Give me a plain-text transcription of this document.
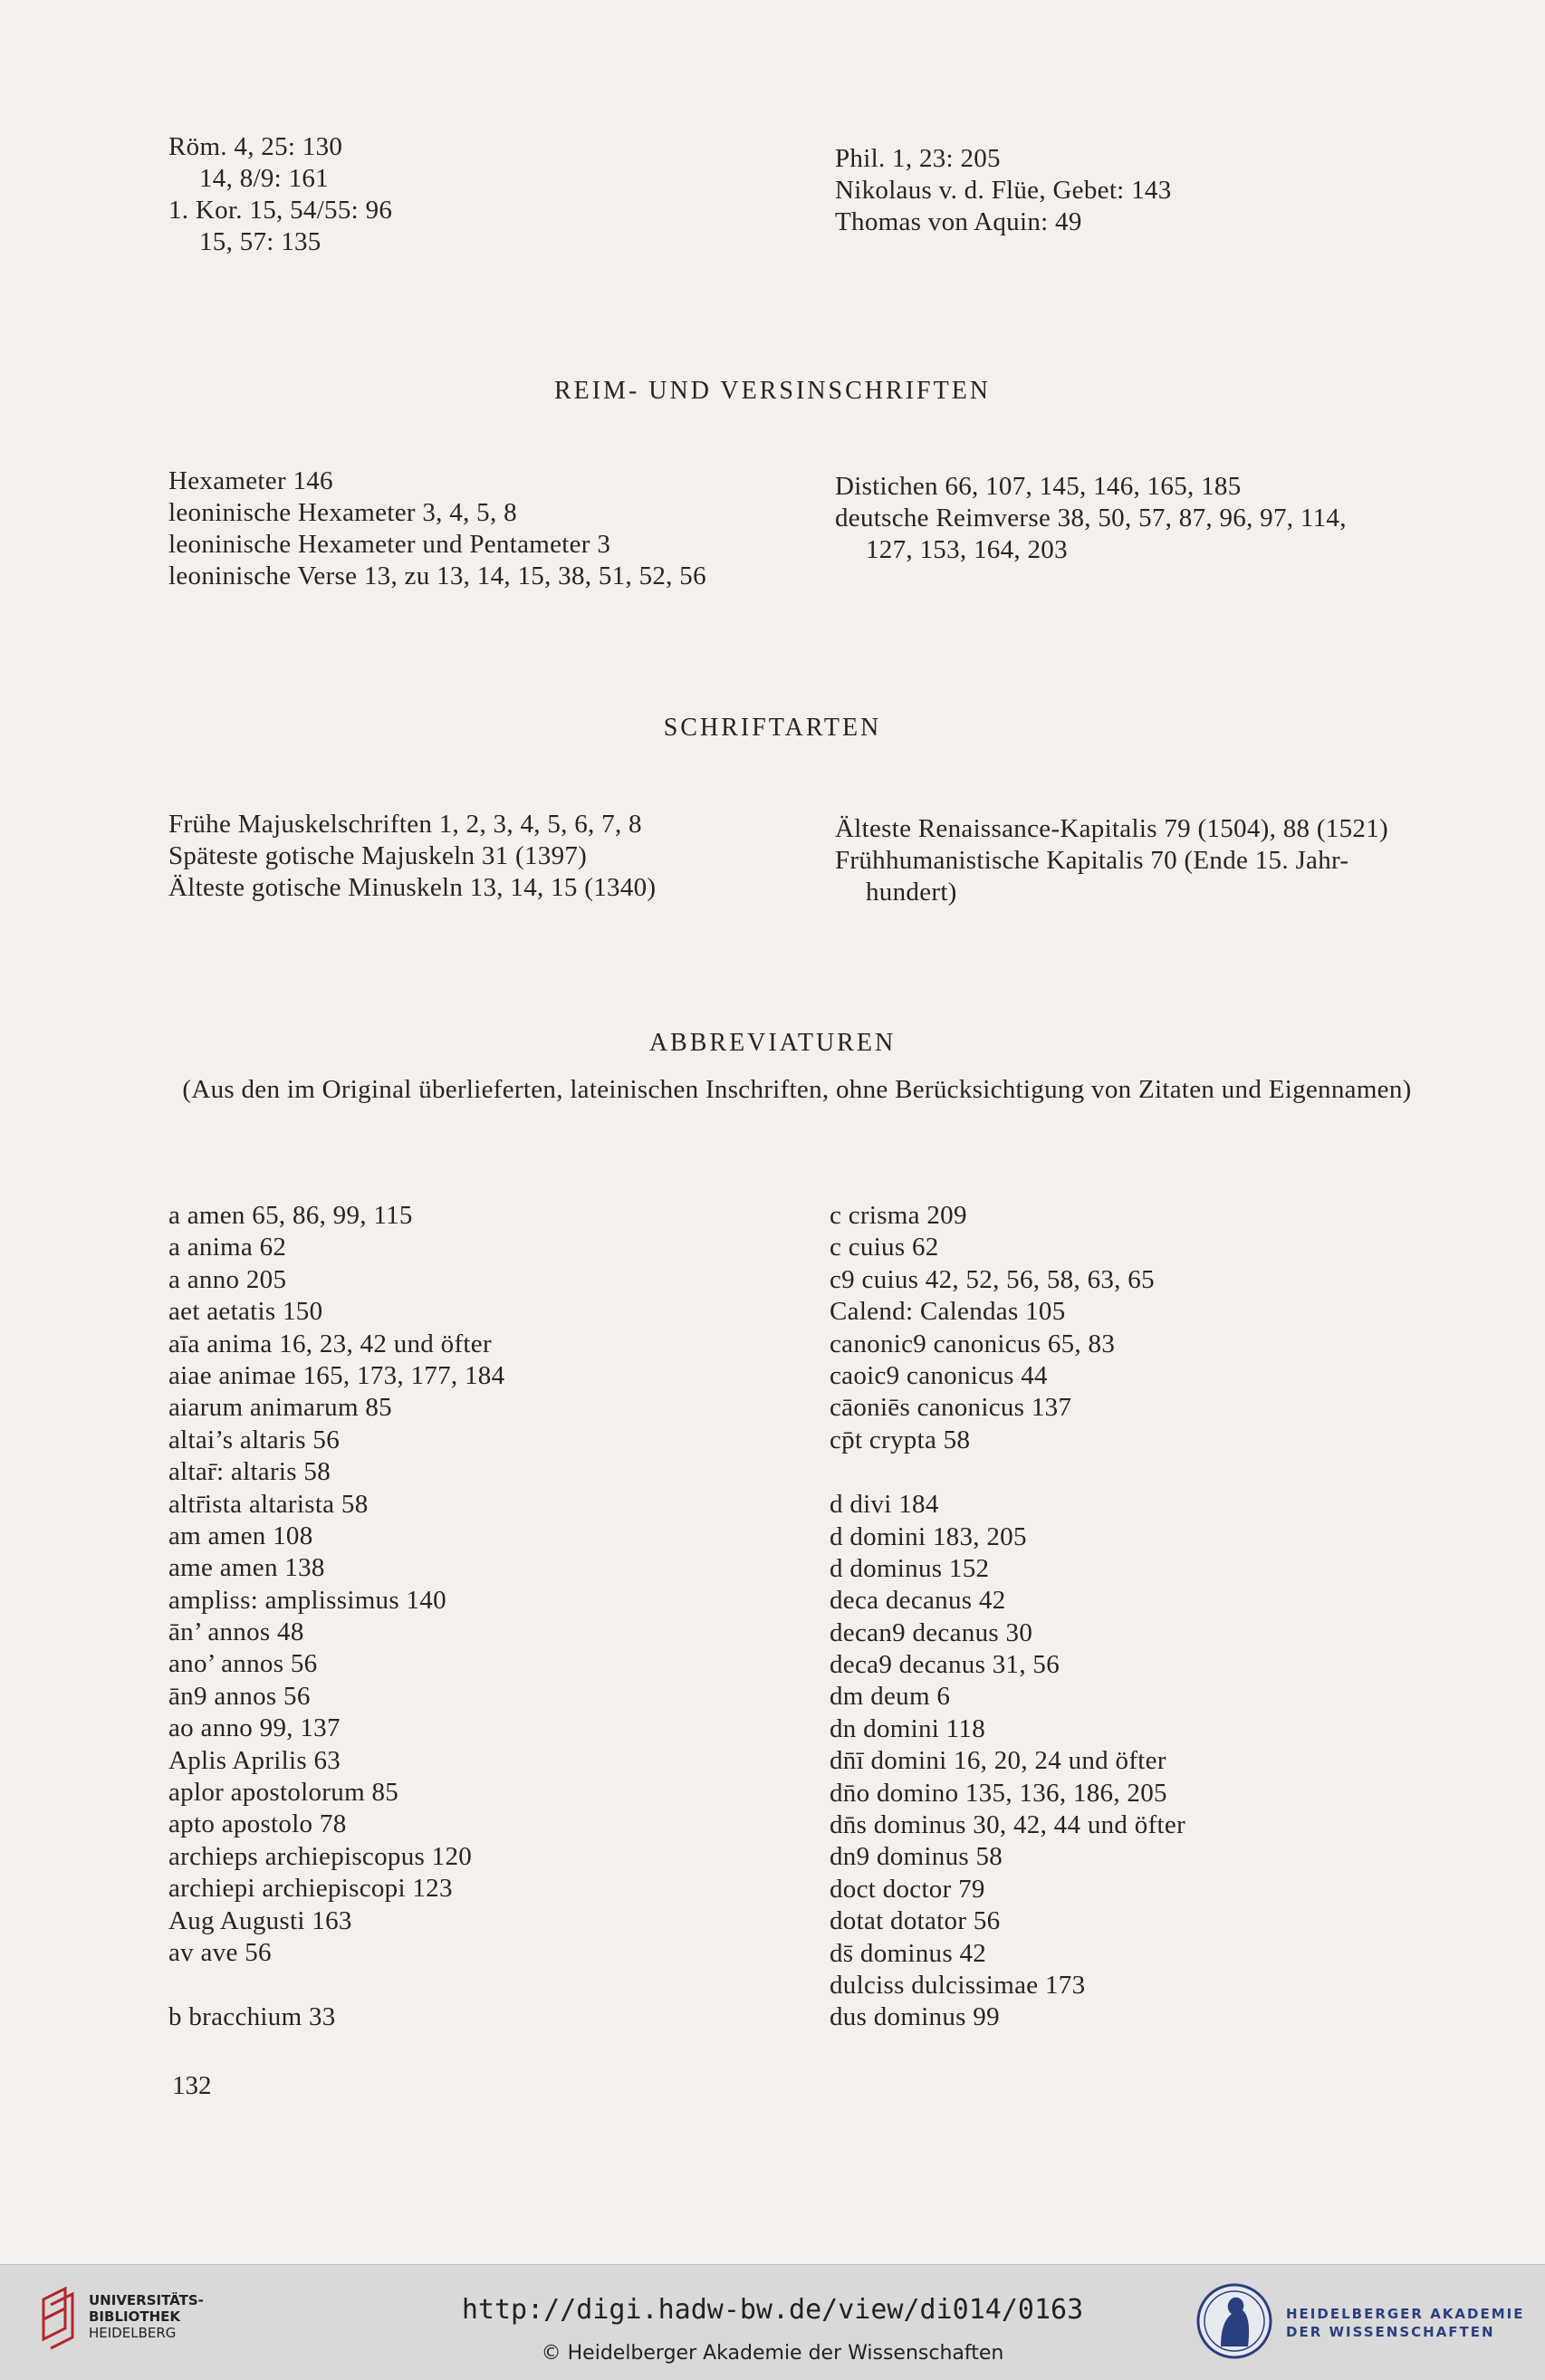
Röm. 4, 25: 130
14, 8/9: 161
1. Kor. 15, 54/55: 96
15, 57: 135
Phil. 1, 23: 205
Nikolaus v. d. Flüe, Gebet: 143
Thomas von Aquin: 49
REIM- UND VERSINSCHRIFTEN
Hexameter 146
leoninische Hexameter 3, 4, 5, 8
leoninische Hexameter und Pentameter 3
leoninische Verse 13, zu 13, 14, 15, 38, 51, 52, 56
Distichen 66, 107, 145, 146, 165, 185
deutsche Reimverse 38, 50, 57, 87, 96, 97, 114,
127, 153, 164, 203
SCHRIFTARTEN
Frühe Majuskelschriften 1, 2, 3, 4, 5, 6, 7, 8
Späteste gotische Majuskeln 31 (1397)
Älteste gotische Minuskeln 13, 14, 15 (1340)
Älteste Renaissance-Kapitalis 79 (1504), 88 (1521)
Frühhumanistische Kapitalis 70 (Ende 15. Jahr-
hundert)
ABBREVIATUREN
(Aus den im Original überlieferten, lateinischen Inschriften, ohne Berücksichtigung von Zitaten und Eigennamen)
a amen 65, 86, 99, 115
a anima 62
a anno 205
aet aetatis 150
aīa anima 16, 23, 42 und öfter
aiae animae 165, 173, 177, 184
aiarum animarum 85
altai’s altaris 56
altar̄: altaris 58
altr̄ista altarista 58
am amen 108
ame amen 138
ampliss: amplissimus 140
ān’ annos 48
ano’ annos 56
ān9 annos 56
ao anno 99, 137
Aplis Aprilis 63
aplor apostolorum 85
apto apostolo 78
archieps archiepiscopus 120
archiepi archiepiscopi 123
Aug Augusti 163
av ave 56
b bracchium 33
c crisma 209
c cuius 62
c9 cuius 42, 52, 56, 58, 63, 65
Calend: Calendas 105
canonic9 canonicus 65, 83
caoic9 canonicus 44
cāoniēs canonicus 137
cp̄t crypta 58
d divi 184
d domini 183, 205
d dominus 152
deca decanus 42
decan9 decanus 30
deca9 decanus 31, 56
dm deum 6
dn domini 118
dn̄ī domini 16, 20, 24 und öfter
dn̄o domino 135, 136, 186, 205
dn̄s dominus 30, 42, 44 und öfter
dn9 dominus 58
doct doctor 79
dotat dotator 56
ds̄ dominus 42
dulciss dulcissimae 173
dus dominus 99
132
UNIVERSITÄTS-
BIBLIOTHEK
HEIDELBERG
http://digi.hadw-bw.de/view/di014/0163
© Heidelberger Akademie der Wissenschaften
HEIDELBERGER AKADEMIE
DER WISSENSCHAFTEN
